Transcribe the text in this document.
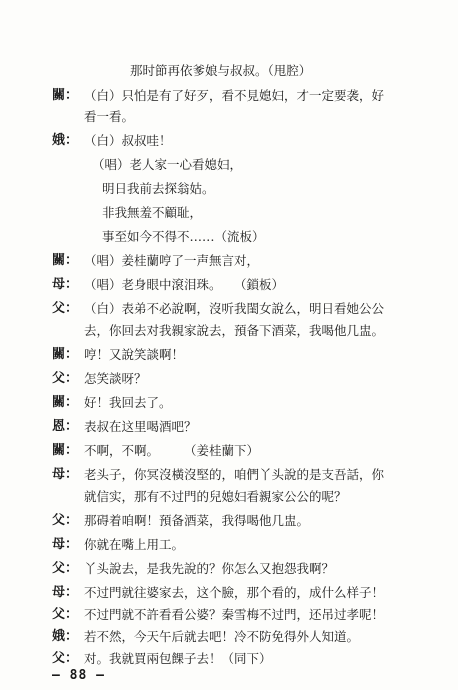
那时節再依爹娘与叔叔。（甩腔）
關： （白）只怕是有了好歹，看不見媳妇，才一定要袭，好
看一看。
娥： （白）叔叔哇！
（唱）老人家一心看媳妇，
明日我前去探翁姑。
非我無羞不顧耻，
事至如今不得不……（流板）
關： （唱）姜桂蘭哼了一声無言对，
母： （唱）老身眼中滾泪珠。　　（鎖板）
父： （白）表弟不必說啊，沒听我閨女說么，明日看她公公
去，你回去对我親家說去，預备下酒菜，我喝他几盅。
關： 哼！又說笑談啊！
父： 怎笑談呀？
關： 好！我回去了。
恩： 表叔在这里喝酒吧？
關： 不啊，不啊。　　　（姜桂蘭下）
母： 老头子，你冥沒橫沒堅的，咱們丫头說的是支吾話，你
就信实，那有不过門的兒媳妇看親家公公的呢？
父： 那碍着咱啊！預备酒菜，我得喝他几盅。
母： 你就在嘴上用工。
父： 丫头說去，是我先說的？你怎么又抱怨我啊？
母： 不过門就往婆家去，这个臉，那个看的，成什么样子！
父： 不过門就不許看看公婆？秦雪梅不过門，还吊过孝呢！
娥： 若不然，今天午后就去吧！冷不防免得外人知道。
父： 对。我就買兩包餜子去！（同下）
— 88 —
